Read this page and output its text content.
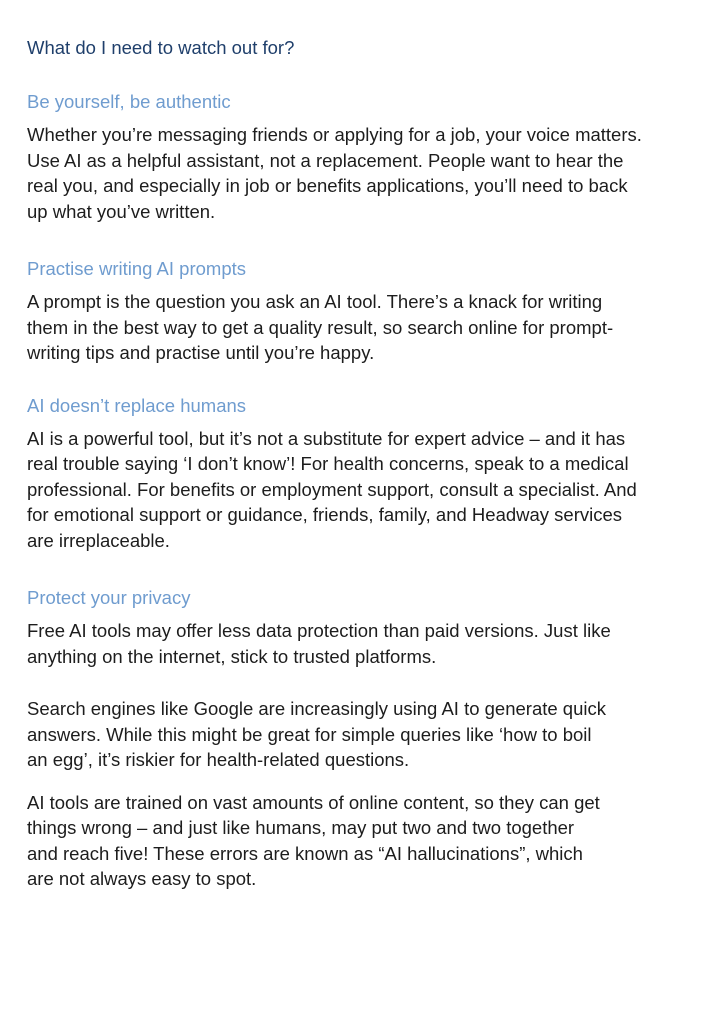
What do I need to watch out for?
Be yourself, be authentic

Whether you’re messaging friends or applying for a job, your voice matters.
Use AI as a helpful assistant, not a replacement. People want to hear the
real you, and especially in job or benefits applications, you’ll need to back
up what you’ve written.

Practise writing AI prompts

A prompt is the question you ask an AI tool. There’s a knack for writing
them in the best way to get a quality result, so search online for prompt-
writing tips and practise until you’re happy.

AI doesn’t replace humans

AI is a powerful tool, but it’s not a substitute for expert advice – and it has
real trouble saying ‘I don’t know’! For health concerns, speak to a medical
professional. For benefits or employment support, consult a specialist. And
for emotional support or guidance, friends, family, and Headway services
are irreplaceable.

Protect your privacy

Free AI tools may offer less data protection than paid versions. Just like
anything on the internet, stick to trusted platforms.

Search engines like Google are increasingly using AI to generate quick
answers. While this might be great for simple queries like ‘how to boil
an egg’, it’s riskier for health-related questions.

AI tools are trained on vast amounts of online content, so they can get
things wrong – and just like humans, may put two and two together
and reach five! These errors are known as “AI hallucinations”, which
are not always easy to spot.
